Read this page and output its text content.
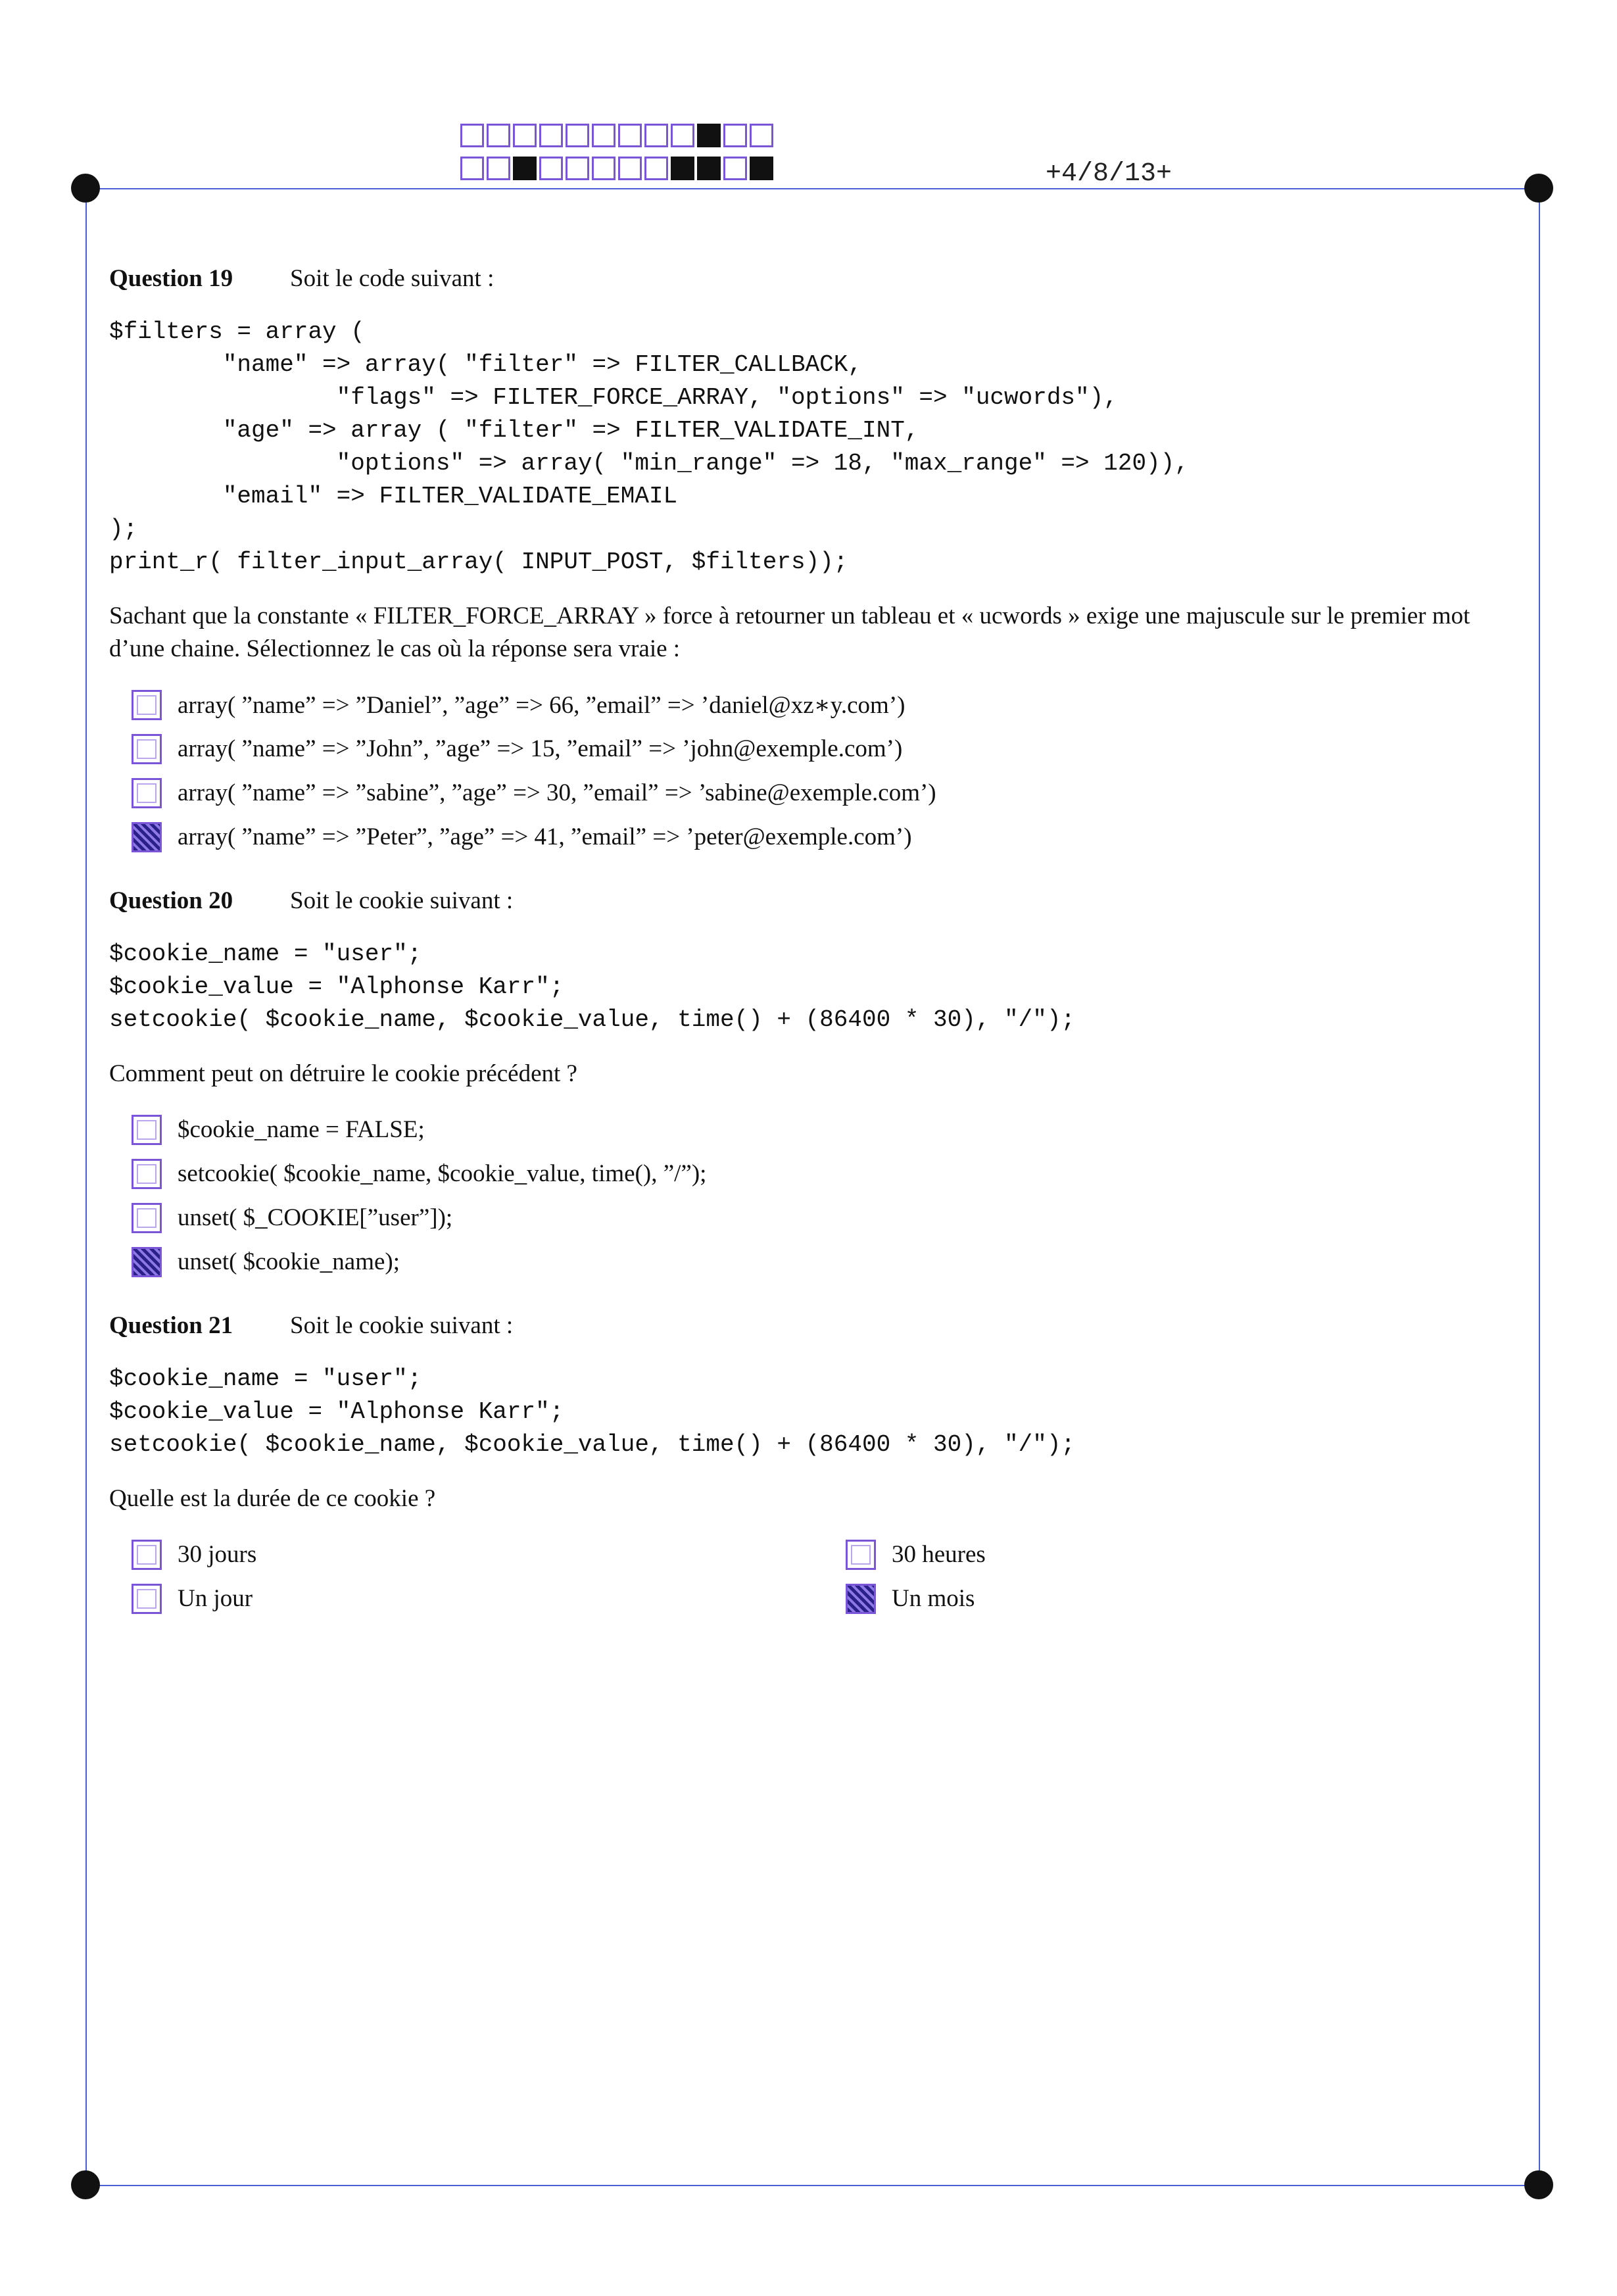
+4/8/13+

Question 19 Soit le code suivant :

$filters = array (
"name" => array( "filter" => FILTER_CALLBACK,
"flags" => FILTER_FORCE_ARRAY, "options" => "ucwords"),
"age" => array ( "filter" => FILTER_VALIDATE_INT,
"options" => array( "min_range" => 18, "max_range" => 120)),
"email" => FILTER_VALIDATE_EMAIL
);
print_r( filter_input_array( INPUT_POST, $filters));

Sachant que la constante « FILTER_FORCE_ARRAY » force à retourner un tableau et « ucwords » exige une majuscule sur le premier mot d’une chaine. Sélectionnez le cas où la réponse sera vraie :

array( ”name” => ”Daniel”, ”age” => 66, ”email” => ’daniel@xz∗y.com’)
array( ”name” => ”John”, ”age” => 15, ”email” => ’john@exemple.com’)
array( ”name” => ”sabine”, ”age” => 30, ”email” => ’sabine@exemple.com’)
array( ”name” => ”Peter”, ”age” => 41, ”email” => ’peter@exemple.com’)

Question 20 Soit le cookie suivant :

$cookie_name = "user";
$cookie_value = "Alphonse Karr";
setcookie( $cookie_name, $cookie_value, time() + (86400 * 30), "/");

Comment peut on détruire le cookie précédent ?

$cookie_name = FALSE;
setcookie( $cookie_name, $cookie_value, time(), ”/”);
unset( $_COOKIE[”user”]);
unset( $cookie_name);

Question 21 Soit le cookie suivant :

$cookie_name = "user";
$cookie_value = "Alphonse Karr";
setcookie( $cookie_name, $cookie_value, time() + (86400 * 30), "/");

Quelle est la durée de ce cookie ?

30 jours	30 heures
Un jour	Un mois
